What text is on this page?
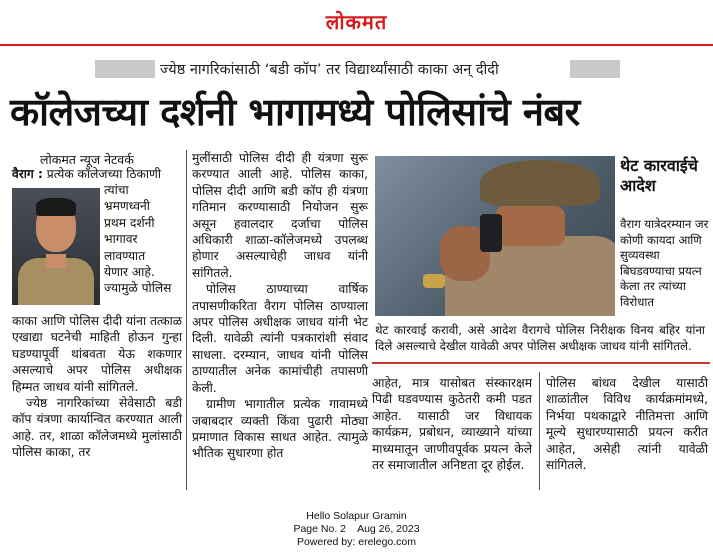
लोकमत
ज्येष्ठ नागरिकांसाठी ‘बडी कॉप’ तर विद्यार्थ्यांसाठी काका अन् दीदी
कॉलेजच्या दर्शनी भागामध्ये पोलिसांचे नंबर
लोकमत न्यूज नेटवर्क
वैराग : प्रत्येक कॉलेजच्या ठिकाणी

त्यांचा

भ्रमणध्वनी

प्रथम दर्शनी

भागावर

लावण्यात

येणार आहे.

ज्यामुळे पोलिस

काका आणि पोलिस दीदी यांना तत्काळ एखाद्या घटनेची माहिती होऊन गुन्हा घडण्यापूर्वी थांबवता येऊ शकणार असल्याचे अपर पोलिस अधीक्षक हिम्मत जाधव यांनी सांगितले.

ज्येष्ठ नागरिकांच्या सेवेसाठी बडी कॉप यंत्रणा कार्यान्वित करण्यात आली आहे. तर, शाळा कॉलेजमध्ये मुलांसाठी पोलिस काका, तर

मुलींसाठी पोलिस दीदी ही यंत्रणा सुरू करण्यात आली आहे. पोलिस काका, पोलिस दीदी आणि बडी कॉप ही यंत्रणा गतिमान करण्यासाठी नियोजन सुरू असून हवालदार दर्जाचा पोलिस अधिकारी शाळा-कॉलेजमध्ये उपलब्ध होणार असल्याचेही जाधव यांनी सांगितले.

पोलिस ठाण्याच्या वार्षिक तपासणीकरिता वैराग पोलिस ठाण्याला अपर पोलिस अधीक्षक जाधव यांनी भेट दिली. यावेळी त्यांनी पत्रकारांशी संवाद साधला. दरम्यान, जाधव यांनी पोलिस ठाण्यातील अनेक कामांचीही तपासणी केली.

ग्रामीण भागातील प्रत्येक गावामध्ये जबाबदार व्यक्ती किंवा पुढारी मोठ्या प्रमाणात विकास साधत आहेत. त्यामुळे भौतिक सुधारणा होत

थेट कारवाईचे आदेश
वैराग यात्रेदरम्यान जर कोणी कायदा आणि सुव्यवस्था बिघडवण्याचा प्रयत्न केला तर त्यांच्या विरोधात
थेट कारवाई करावी, असे आदेश वैरागचे पोलिस निरीक्षक विनय बहिर यांना दिले असल्याचे देखील यावेळी अपर पोलिस अधीक्षक जाधव यांनी सांगितले.

आहेत, मात्र यासोबत संस्कारक्षम पिढी घडवण्यास कुठेतरी कमी पडत आहेत. यासाठी जर विधायक कार्यक्रम, प्रबोधन, व्याख्याने यांच्या माध्यमातून जाणीवपूर्वक प्रयत्न केले तर समाजातील अनिष्टता दूर होईल.

पोलिस बांधव देखील यासाठी शाळांतील विविध कार्यक्रमांमध्ये, निर्भया पथकाद्वारे नीतिमत्ता आणि मूल्ये सुधारण्यासाठी प्रयत्न करीत आहेत, असेही त्यांनी यावेळी सांगितले.

Hello Solapur Gramin
Page No. 2    Aug 26, 2023
Powered by: erelego.com
